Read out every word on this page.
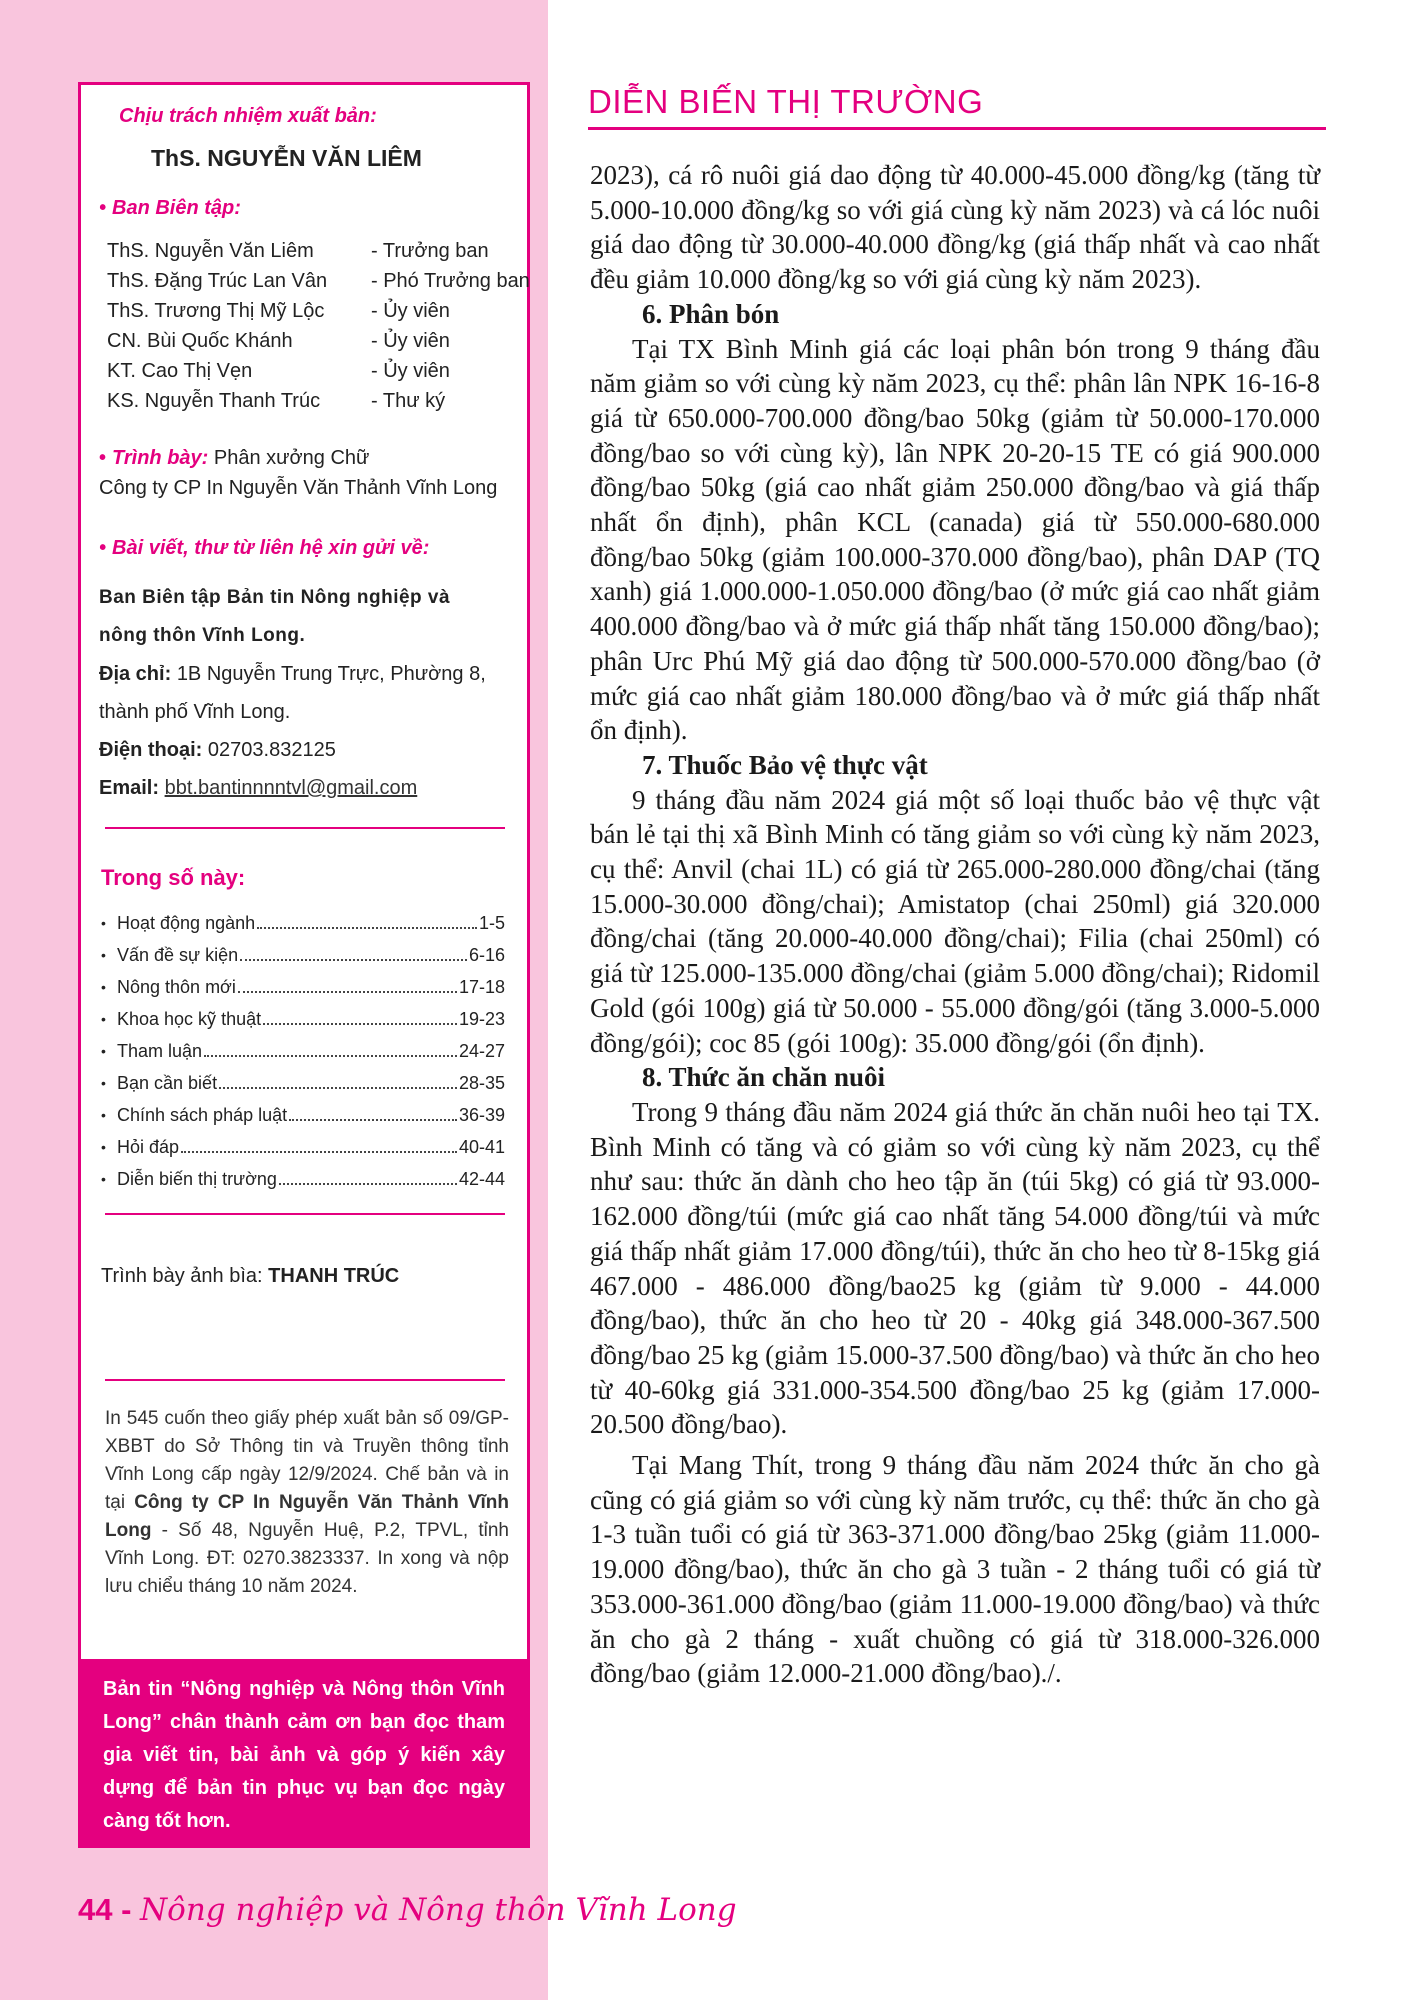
Chịu trách nhiệm xuất bản:
ThS. NGUYỄN VĂN LIÊM
• Ban Biên tập:
ThS. Nguyễn Văn Liêm	- Trưởng ban
ThS. Đặng Trúc Lan Vân - Phó Trưởng ban
ThS. Trương Thị Mỹ Lộc - Ủy viên
CN. Bùi Quốc Khánh	- Ủy viên
KT. Cao Thị Vẹn	- Ủy viên
KS. Nguyễn Thanh Trúc	- Thư ký
• Trình bày: Phân xưởng Chữ
Công ty CP In Nguyễn Văn Thảnh Vĩnh Long
• Bài viết, thư từ liên hệ xin gửi về:
Ban Biên tập Bản tin Nông nghiệp và
nông thôn Vĩnh Long.
Địa chỉ: 1B Nguyễn Trung Trực, Phường 8,
thành phố Vĩnh Long.
Điện thoại: 02703.832125
Email: bbt.bantinnnntvl@gmail.com
Trong số này:
• Hoạt động ngành	1-5
• Vấn đề sự kiện	6-16
• Nông thôn mới	17-18
• Khoa học kỹ thuật	19-23
• Tham luận	24-27
• Bạn cần biết	28-35
• Chính sách pháp luật	36-39
• Hỏi đáp	40-41
• Diễn biến thị trường	42-44
Trình bày ảnh bìa: THANH TRÚC
In 545 cuốn theo giấy phép xuất bản số 09/GP-XBBT do Sở Thông tin và Truyền thông tỉnh Vĩnh Long cấp ngày 12/9/2024. Chế bản và in tại Công ty CP In Nguyễn Văn Thảnh Vĩnh Long - Số 48, Nguyễn Huệ, P.2, TPVL, tỉnh Vĩnh Long. ĐT: 0270.3823337. In xong và nộp lưu chiểu tháng 10 năm 2024.
Bản tin “Nông nghiệp và Nông thôn Vĩnh Long” chân thành cảm ơn bạn đọc tham gia viết tin, bài ảnh và góp ý kiến xây dựng để bản tin phục vụ bạn đọc ngày càng tốt hơn.
DIỄN BIẾN THỊ TRƯỜNG

2023), cá rô nuôi giá dao động từ 40.000-45.000 đồng/kg (tăng từ 5.000-10.000 đồng/kg so với giá cùng kỳ năm 2023) và cá lóc nuôi giá dao động từ 30.000-40.000 đồng/kg (giá thấp nhất và cao nhất đều giảm 10.000 đồng/kg so với giá cùng kỳ năm 2023).

6. Phân bón

Tại TX Bình Minh giá các loại phân bón trong 9 tháng đầu năm giảm so với cùng kỳ năm 2023, cụ thể: phân lân NPK 16-16-8 giá từ 650.000-700.000 đồng/bao 50kg (giảm từ 50.000-170.000 đồng/bao so với cùng kỳ), lân NPK 20-20-15 TE có giá 900.000 đồng/bao 50kg (giá cao nhất giảm 250.000 đồng/bao và giá thấp nhất ổn định), phân KCL (canada) giá từ 550.000-680.000 đồng/bao 50kg (giảm 100.000-370.000 đồng/bao), phân DAP (TQ xanh) giá 1.000.000-1.050.000 đồng/bao (ở mức giá cao nhất giảm 400.000 đồng/bao và ở mức giá thấp nhất tăng 150.000 đồng/bao); phân Urc Phú Mỹ giá dao động từ 500.000-570.000 đồng/bao (ở mức giá cao nhất giảm 180.000 đồng/bao và ở mức giá thấp nhất ổn định).

7. Thuốc Bảo vệ thực vật

9 tháng đầu năm 2024 giá một số loại thuốc bảo vệ thực vật bán lẻ tại thị xã Bình Minh có tăng giảm so với cùng kỳ năm 2023, cụ thể: Anvil (chai 1L) có giá từ 265.000-280.000 đồng/chai (tăng 15.000-30.000 đồng/chai); Amistatop (chai 250ml) giá 320.000 đồng/chai (tăng 20.000-40.000 đồng/chai); Filia (chai 250ml) có giá từ 125.000-135.000 đồng/chai (giảm 5.000 đồng/chai); Ridomil Gold (gói 100g) giá từ 50.000 - 55.000 đồng/gói (tăng 3.000-5.000 đồng/gói); coc 85 (gói 100g): 35.000 đồng/gói (ổn định).

8. Thức ăn chăn nuôi

Trong 9 tháng đầu năm 2024 giá thức ăn chăn nuôi heo tại TX. Bình Minh có tăng và có giảm so với cùng kỳ năm 2023, cụ thể như sau: thức ăn dành cho heo tập ăn (túi 5kg) có giá từ 93.000-162.000 đồng/túi (mức giá cao nhất tăng 54.000 đồng/túi và mức giá thấp nhất giảm 17.000 đồng/túi), thức ăn cho heo từ 8-15kg giá 467.000 - 486.000 đồng/bao25 kg (giảm từ 9.000 - 44.000 đồng/bao), thức ăn cho heo từ 20 - 40kg giá 348.000-367.500 đồng/bao 25 kg (giảm 15.000-37.500 đồng/bao) và thức ăn cho heo từ 40-60kg giá 331.000-354.500 đồng/bao 25 kg (giảm 17.000-20.500 đồng/bao).

Tại Mang Thít, trong 9 tháng đầu năm 2024 thức ăn cho gà cũng có giá giảm so với cùng kỳ năm trước, cụ thể: thức ăn cho gà 1-3 tuần tuổi có giá từ 363-371.000 đồng/bao 25kg (giảm 11.000-19.000 đồng/bao), thức ăn cho gà 3 tuần - 2 tháng tuổi có giá từ 353.000-361.000 đồng/bao (giảm 11.000-19.000 đồng/bao) và thức ăn cho gà 2 tháng - xuất chuồng có giá từ 318.000-326.000 đồng/bao (giảm 12.000-21.000 đồng/bao)./.

44 - Nông nghiệp và Nông thôn Vĩnh Long
